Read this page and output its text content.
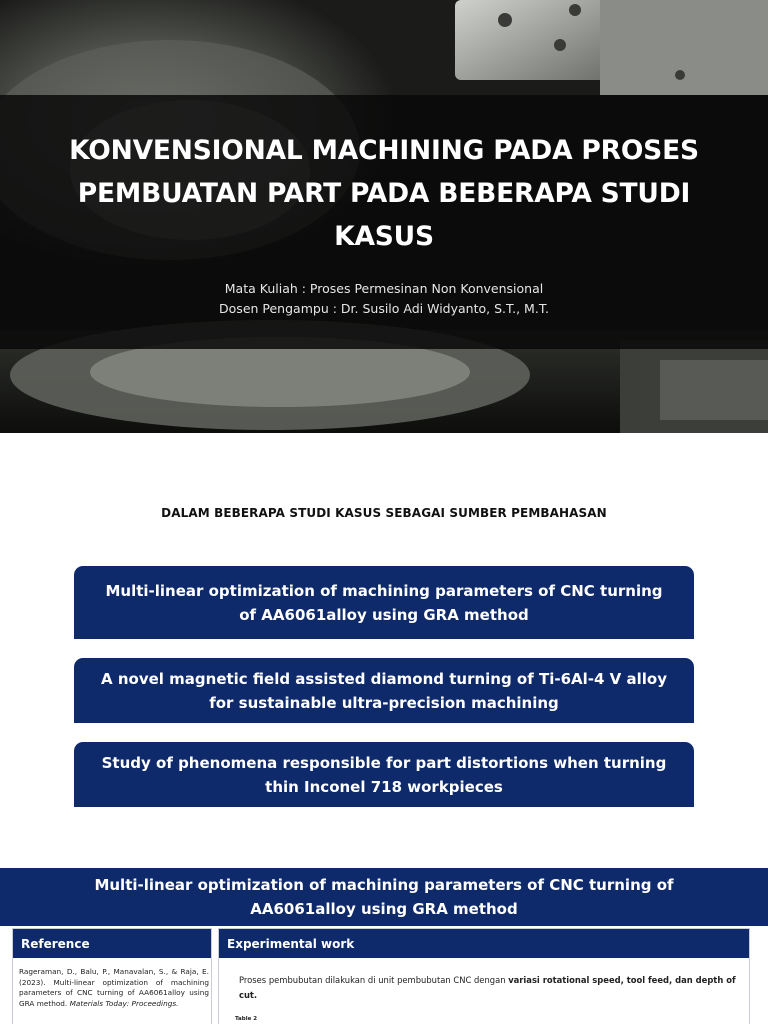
KONVENSIONAL MACHINING PADA PROSES PEMBUATAN PART PADA BEBERAPA STUDI KASUS
Mata Kuliah : Proses Permesinan Non Konvensional
Dosen Pengampu : Dr. Susilo Adi Widyanto, S.T., M.T.
DALAM BEBERAPA STUDI KASUS SEBAGAI SUMBER PEMBAHASAN
Multi-linear optimization of machining parameters of CNC turning of AA6061alloy using GRA method
A novel magnetic field assisted diamond turning of Ti-6Al-4 V alloy for sustainable ultra-precision machining
Study of phenomena responsible for part distortions when turning thin Inconel 718 workpieces
Multi-linear optimization of machining parameters of CNC turning of AA6061alloy using GRA method
Reference

Rageraman, D., Balu, P., Manavalan, S., & Raja, E. (2023). Multi-linear optimization of machining parameters of CNC turning of AA6061alloy using GRA method. Materials Today: Proceedings.

Experimental work

Proses pembubutan dilakukan di unit pembubutan CNC dengan variasi rotational speed, tool feed, dan depth of cut.

Table 2
